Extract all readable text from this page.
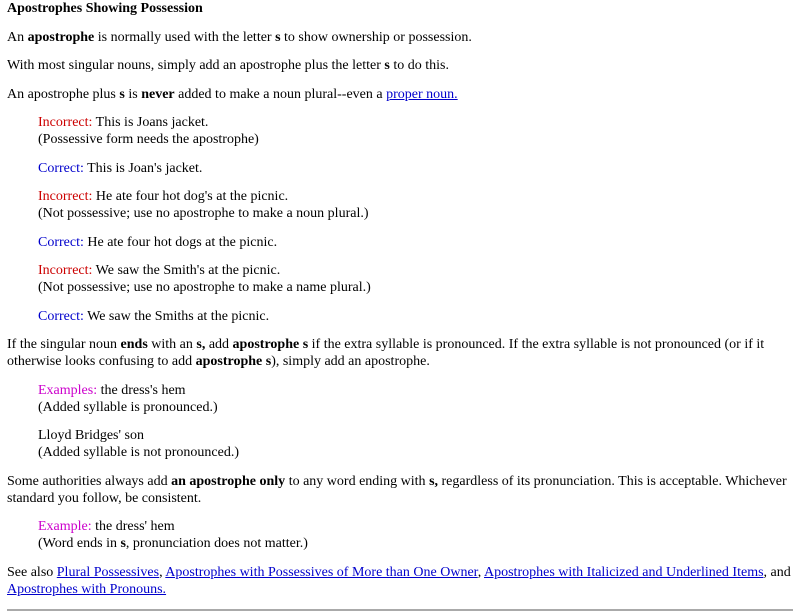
Apostrophes Showing Possession

An apostrophe is normally used with the letter s to show ownership or possession.

With most singular nouns, simply add an apostrophe plus the letter s to do this.

An apostrophe plus s is never added to make a noun plural--even a proper noun.

Incorrect: This is Joans jacket.
(Possessive form needs the apostrophe)

Correct: This is Joan's jacket.

Incorrect: He ate four hot dog's at the picnic.
(Not possessive; use no apostrophe to make a noun plural.)

Correct: He ate four hot dogs at the picnic.

Incorrect: We saw the Smith's at the picnic.
(Not possessive; use no apostrophe to make a name plural.)

Correct: We saw the Smiths at the picnic.

If the singular noun ends with an s, add apostrophe s if the extra syllable is pronounced. If the extra syllable is not pronounced (or if it otherwise looks confusing to add apostrophe s), simply add an apostrophe.

Examples: the dress's hem
(Added syllable is pronounced.)

Lloyd Bridges' son
(Added syllable is not pronounced.)

Some authorities always add an apostrophe only to any word ending with s, regardless of its pronunciation. This is acceptable. Whichever standard you follow, be consistent.

Example: the dress' hem
(Word ends in s, pronunciation does not matter.)

See also Plural Possessives, Apostrophes with Possessives of More than One Owner, Apostrophes with Italicized and Underlined Items, and Apostrophes with Pronouns.
